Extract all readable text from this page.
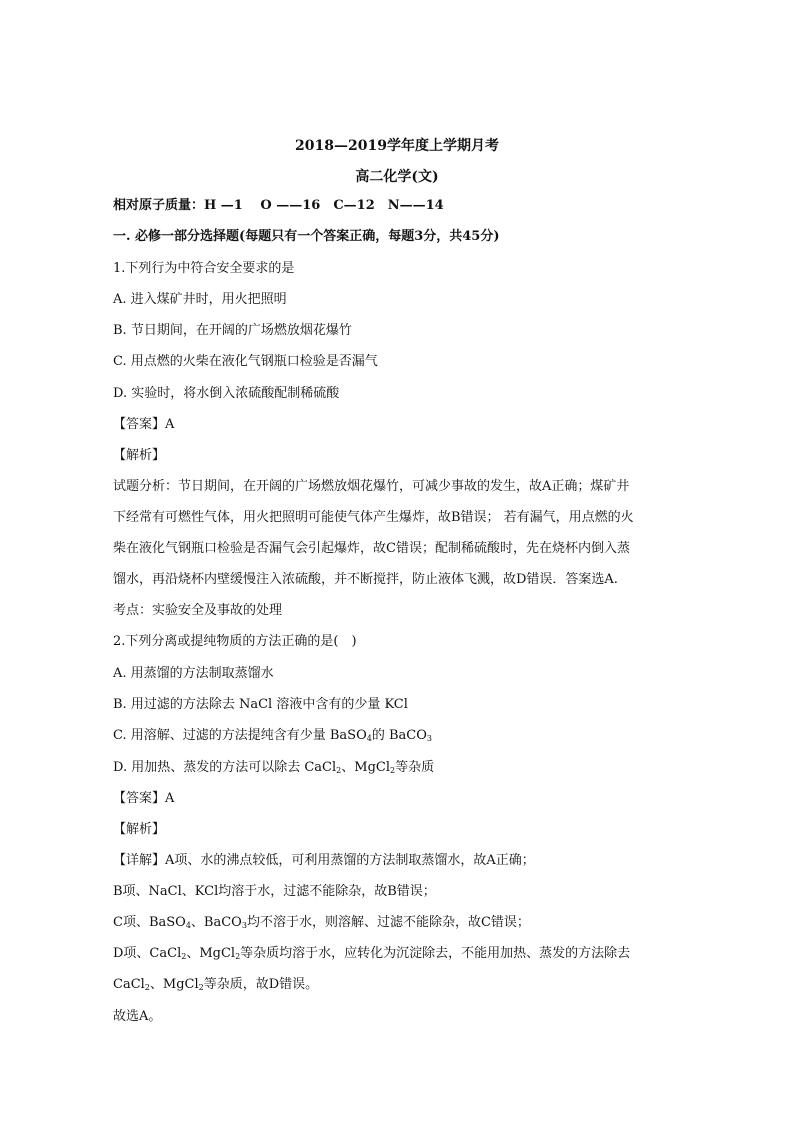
2018—2019学年度上学期月考
高二化学(文)
相对原子质量：H —1　 O ——16　C—12　N——14
一. 必修一部分选择题(每题只有一个答案正确，每题3分，共45分)
1.下列行为中符合安全要求的是
A. 进入煤矿井时，用火把照明
B. 节日期间，在开阔的广场燃放烟花爆竹
C. 用点燃的火柴在液化气钢瓶口检验是否漏气
D. 实验时，将水倒入浓硫酸配制稀硫酸
【答案】A
【解析】
试题分析：节日期间，在开阔的广场燃放烟花爆竹，可减少事故的发生，故A正确；煤矿井
下经常有可燃性气体，用火把照明可能使气体产生爆炸，故B错误； 若有漏气，用点燃的火
柴在液化气钢瓶口检验是否漏气会引起爆炸，故C错误；配制稀硫酸时，先在烧杯内倒入蒸
馏水，再沿烧杯内壁缓慢注入浓硫酸，并不断搅拌，防止液体飞溅，故D错误．答案选A.
考点：实验安全及事故的处理
2.下列分离或提纯物质的方法正确的是(　)
A. 用蒸馏的方法制取蒸馏水
B. 用过滤的方法除去 NaCl 溶液中含有的少量 KCl
C. 用溶解、过滤的方法提纯含有少量 BaSO$_4$的 BaCO$_3$
D. 用加热、蒸发的方法可以除去 CaCl$_2$、MgCl$_2$等杂质
【答案】A
【解析】
【详解】A项、水的沸点较低，可利用蒸馏的方法制取蒸馏水，故A正确；
B项、NaCl、KCl均溶于水，过滤不能除杂，故B错误；
C项、BaSO$_4$、BaCO$_3$均不溶于水，则溶解、过滤不能除杂，故C错误；
D项、CaCl$_2$、MgCl$_2$等杂质均溶于水，应转化为沉淀除去，不能用加热、蒸发的方法除去
CaCl$_2$、MgCl$_2$等杂质，故D错误。
故选A。
